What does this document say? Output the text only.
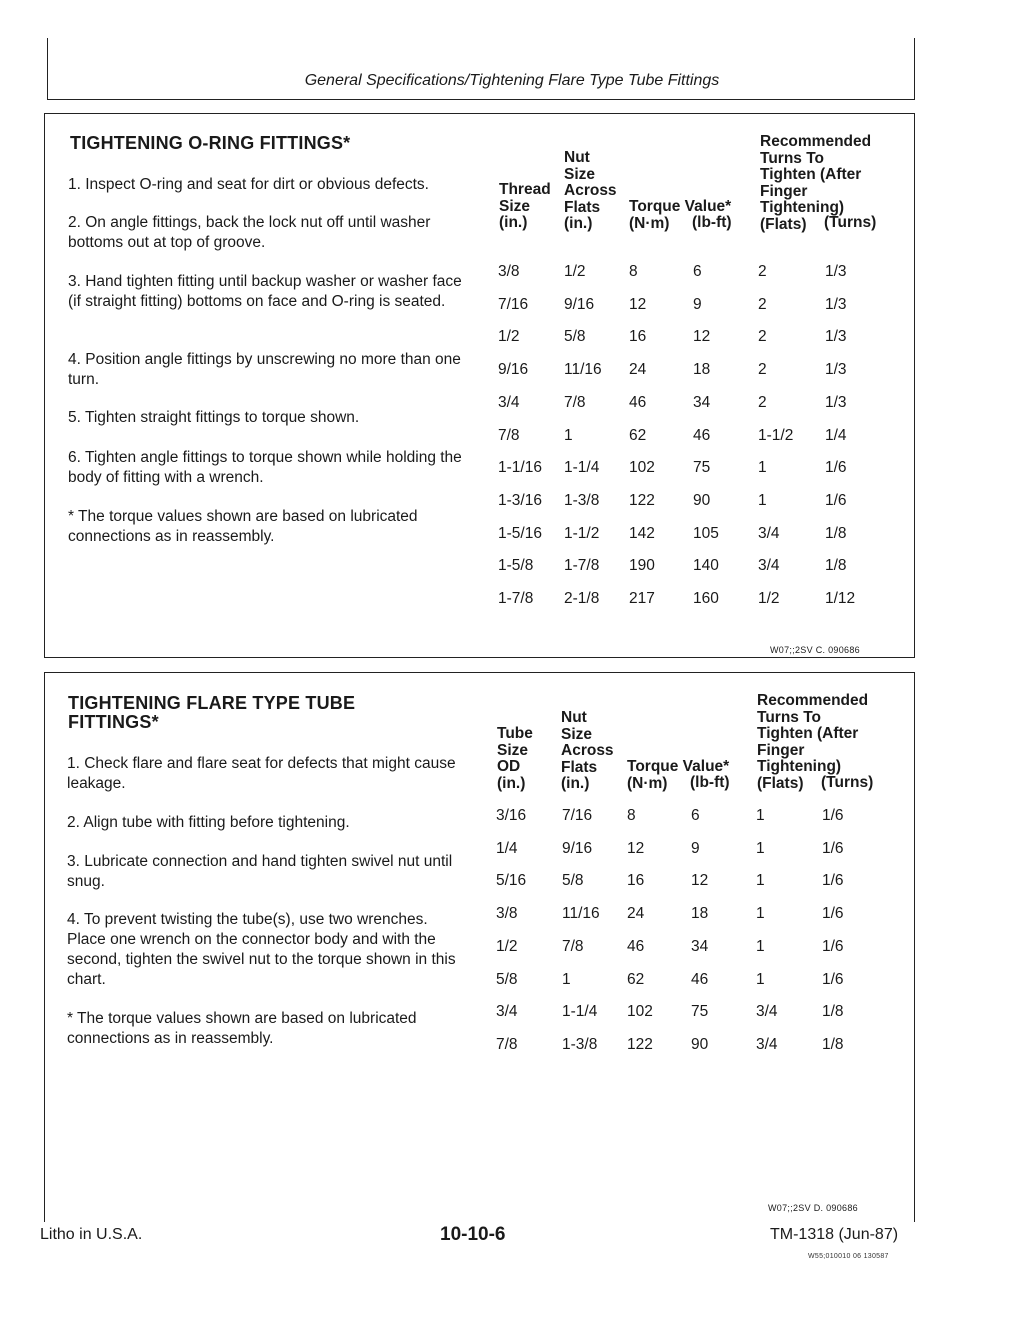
General Specifications/Tightening Flare Type Tube Fittings
TIGHTENING O-RING FITTINGS*
1. Inspect O-ring and seat for dirt or obvious defects.
2. On angle fittings, back the lock nut off until washer bottoms out at top of groove.
3. Hand tighten fitting until backup washer or washer face (if straight fitting) bottoms on face and O-ring is seated.
4. Position angle fittings by unscrewing no more than one turn.
5. Tighten straight fittings to torque shown.
6. Tighten angle fittings to torque shown while holding the body of fitting with a wrench.
* The torque values shown are based on lubricated connections as in reassembly.
Thread
Size
(in.)
Nut
Size
Across
Flats
(in.)
Torque Value*
(N·m)	(lb-ft)
Recommended
Turns To
Tighten (After
Finger
Tightening)
(Flats)	(Turns)
3/8	1/2	8	6	2	1/3
7/16 9/16 12	9	2	1/3
1/2	5/8	16	12	2	1/3
9/16 11/16 24	18	2	1/3
3/4	7/8	46	34	2	1/3
7/8	1	62	46	1-1/2 1/4
1-1/16 1-1/4 102 75	1	1/6
1-3/16 1-3/8 122 90	1	1/6
1-5/16 1-1/2 142 105	3/4	1/8
1-5/8 1-7/8 190 140	3/4	1/8
1-7/8 2-1/8 217 160	1/2	1/12
W07;;2SV C. 090686
TIGHTENING FLARE TYPE TUBE
FITTINGS*
1. Check flare and flare seat for defects that might cause leakage.
2. Align tube with fitting before tightening.
3. Lubricate connection and hand tighten swivel nut until snug.
4. To prevent twisting the tube(s), use two wrenches. Place one wrench on the connector body and with the second, tighten the swivel nut to the torque shown in this chart.
* The torque values shown are based on lubricated connections as in reassembly.
Tube
Size
OD
(in.)
Nut
Size
Across
Flats
(in.)
Torque Value*
(N·m)	(lb-ft)
Recommended
Turns To
Tighten (After
Finger
Tightening)
(Flats)	(Turns)
3/16 7/16 8	6	1	1/6
1/4	9/16 12	9	1	1/6
5/16 5/8	16	12	1	1/6
3/8	11/16 24	18	1	1/6
1/2	7/8	46	34	1	1/6
5/8	1	62	46	1	1/6
3/4	1-1/4 102 75	3/4	1/8
7/8	1-3/8 122 90	3/4	1/8
W07;;2SV D. 090686
Litho in U.S.A.	10-10-6	TM-1318 (Jun-87)
W55;010010 06 130587
